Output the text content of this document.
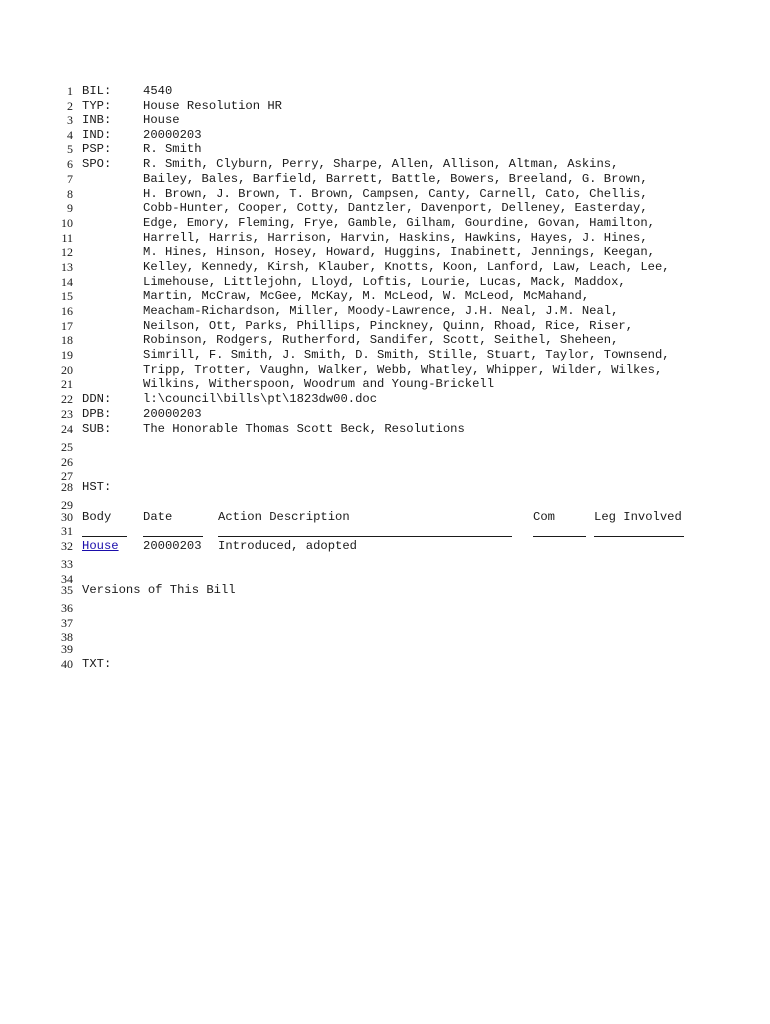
1
2
3
4
5
6
7
8
9
10
11
12
13
14
15
16
17
18
19
20
21
22
23
24
25
26
27
28
29
30
31
32
33
34
35
36
37
38
39
40
BIL:	4540
TYP:	House Resolution HR
INB:	House
IND:	20000203
PSP:	R. Smith
SPO:	R. Smith, Clyburn, Perry, Sharpe, Allen, Allison, Altman, Askins,
Bailey, Bales, Barfield, Barrett, Battle, Bowers, Breeland, G. Brown,
H. Brown, J. Brown, T. Brown, Campsen, Canty, Carnell, Cato, Chellis,
Cobb-Hunter, Cooper, Cotty, Dantzler, Davenport, Delleney, Easterday,
Edge, Emory, Fleming, Frye, Gamble, Gilham, Gourdine, Govan, Hamilton,
Harrell, Harris, Harrison, Harvin, Haskins, Hawkins, Hayes, J. Hines,
M. Hines, Hinson, Hosey, Howard, Huggins, Inabinett, Jennings, Keegan,
Kelley, Kennedy, Kirsh, Klauber, Knotts, Koon, Lanford, Law, Leach, Lee,
Limehouse, Littlejohn, Lloyd, Loftis, Lourie, Lucas, Mack, Maddox,
Martin, McCraw, McGee, McKay, M. McLeod, W. McLeod, McMahand,
Meacham-Richardson, Miller, Moody-Lawrence, J.H. Neal, J.M. Neal,
Neilson, Ott, Parks, Phillips, Pinckney, Quinn, Rhoad, Rice, Riser,
Robinson, Rodgers, Rutherford, Sandifer, Scott, Seithel, Sheheen,
Simrill, F. Smith, J. Smith, D. Smith, Stille, Stuart, Taylor, Townsend,
Tripp, Trotter, Vaughn, Walker, Webb, Whatley, Whipper, Wilder, Wilkes,
Wilkins, Witherspoon, Woodrum and Young-Brickell
DDN:	l:\council\bills\pt\1823dw00.doc
DPB:	20000203
SUB:	The Honorable Thomas Scott Beck, Resolutions
HST:
Body	Date	Action Description	Com	Leg Involved
House 20000203 Introduced, adopted
Versions of This Bill
TXT:
